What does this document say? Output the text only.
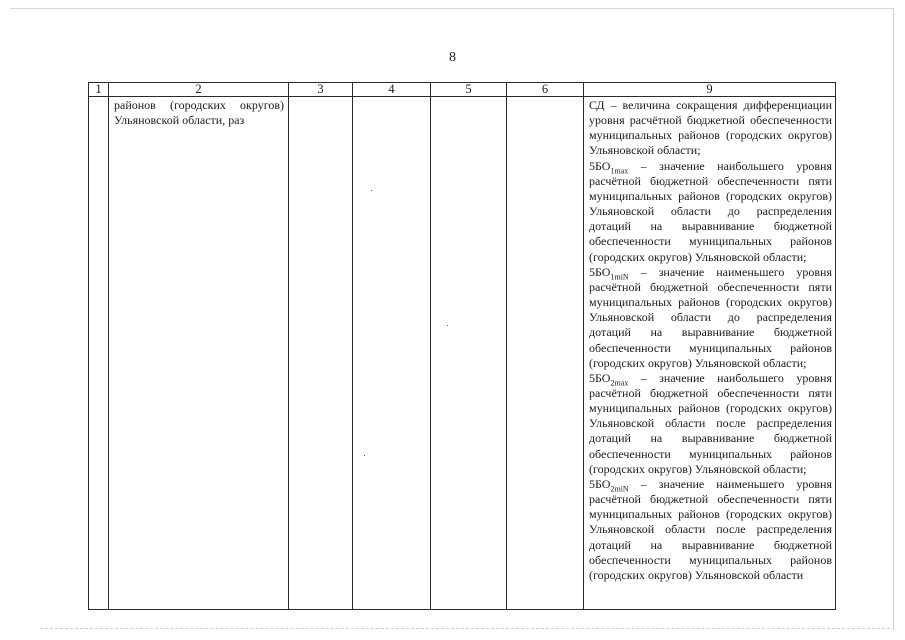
8
1	2	3	4	5	6	9

	районов (городских округов) Ульяновской области, раз					СД – величина сокращения дифференциации уровня расчётной бюджетной обеспеченности муниципальных районов (городских округов) Ульяновской области;

$5БО_{1max}$ – значение наибольшего уровня расчётной бюджетной обеспеченности пяти муниципальных районов (городских округов) Ульяновской области до распределения дотаций на выравнивание бюджетной обеспеченности муниципальных районов (городских округов) Ульяновской области;

$5БО_{1miN}$ – значение наименьшего уровня расчётной бюджетной обеспеченности пяти муниципальных районов (городских округов) Ульяновской области до распределения дотаций на выравнивание бюджетной обеспеченности муниципальных районов (городских округов) Ульяновской области;

$5БО_{2max}$ – значение наибольшего уровня расчётной бюджетной обеспеченности пяти муниципальных районов (городских округов) Ульяновской области после распределения дотаций на выравнивание бюджетной обеспеченности муниципальных районов (городских округов) Ульяновской области;

$5БО_{2miN}$ – значение наименьшего уровня расчётной бюджетной обеспеченности пяти муниципальных районов (городских округов) Ульяновской области после распределения дотаций на выравнивание бюджетной обеспеченности муниципальных районов (городских округов) Ульяновской области
